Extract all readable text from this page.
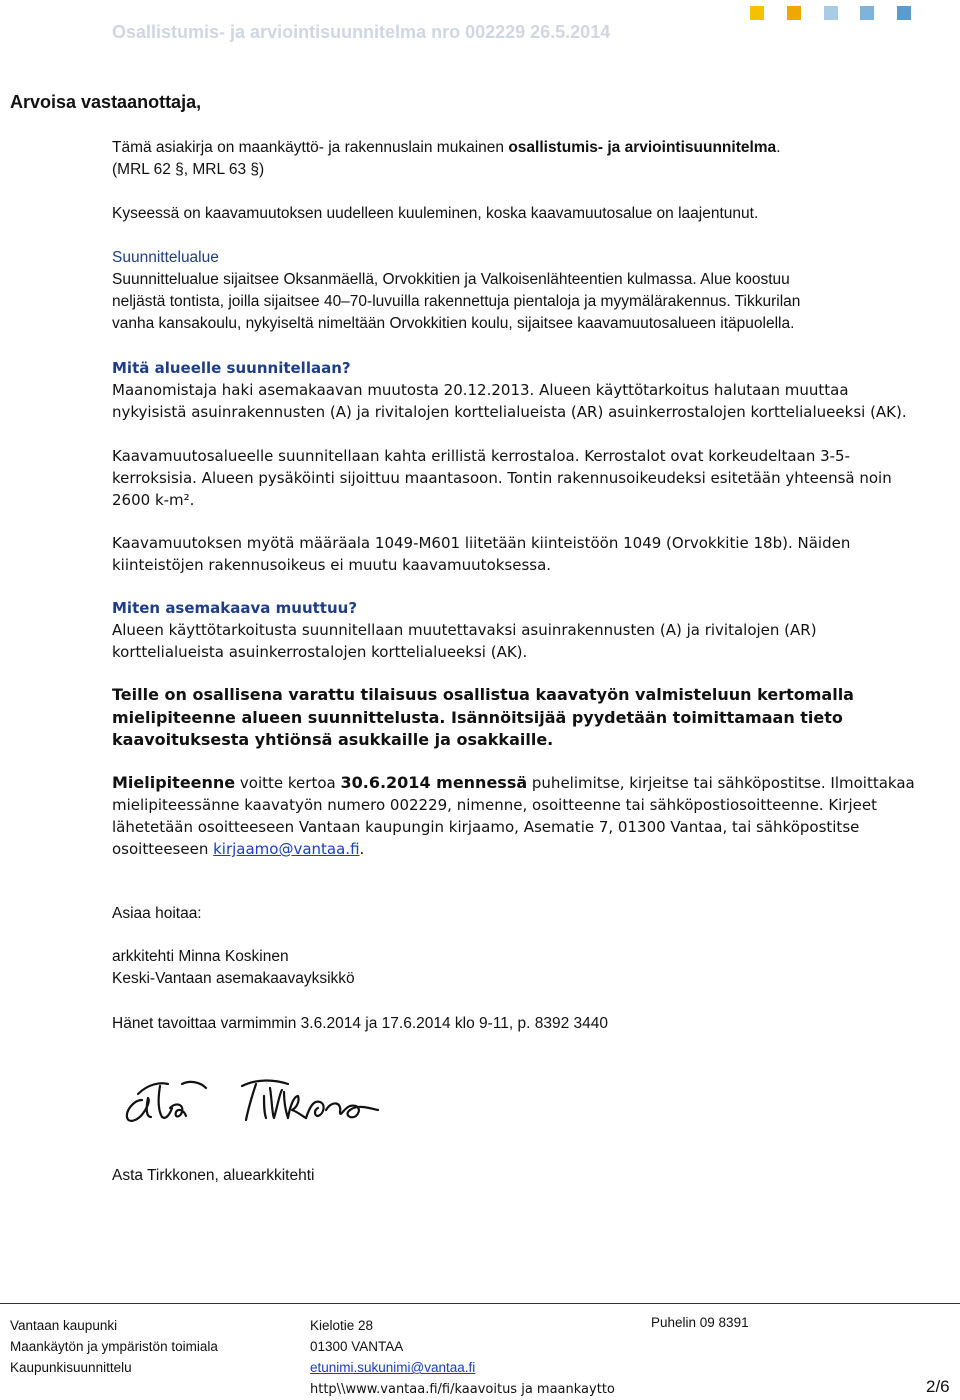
Osallistumis- ja arviointisuunnitelma nro 002229 26.5.2014
Arvoisa vastaanottaja,
Tämä asiakirja on maankäyttö- ja rakennuslain mukainen osallistumis- ja arviointisuunnitelma.
(MRL 62 §, MRL 63 §)
Kyseessä on kaavamuutoksen uudelleen kuuleminen, koska kaavamuutosalue on laajentunut.
Suunnittelualue
Suunnittelualue sijaitsee Oksanmäellä, Orvokkitien ja Valkoisenlähteentien kulmassa. Alue koostuu
neljästä tontista, joilla sijaitsee 40–70-luvuilla rakennettuja pientaloja ja myymälärakennus. Tikkurilan
vanha kansakoulu, nykyiseltä nimeltään Orvokkitien koulu, sijaitsee kaavamuutosalueen itäpuolella.
Mitä alueelle suunnitellaan?
Maanomistaja haki asemakaavan muutosta 20.12.2013. Alueen käyttötarkoitus halutaan muuttaa
nykyisistä asuinrakennusten (A) ja rivitalojen korttelialueista (AR) asuinkerrostalojen korttelialueeksi (AK).
Kaavamuutosalueelle suunnitellaan kahta erillistä kerrostaloa. Kerrostalot ovat korkeudeltaan 3-5-
kerroksisia. Alueen pysäköinti sijoittuu maantasoon. Tontin rakennusoikeudeksi esitetään yhteensä noin
2600 k-m².
Kaavamuutoksen myötä määräala 1049-M601 liitetään kiinteistöön 1049 (Orvokkitie 18b). Näiden
kiinteistöjen rakennusoikeus ei muutu kaavamuutoksessa.
Miten asemakaava muuttuu?
Alueen käyttötarkoitusta suunnitellaan muutettavaksi asuinrakennusten (A) ja rivitalojen (AR)
korttelialueista asuinkerrostalojen korttelialueeksi (AK).
Teille on osallisena varattu tilaisuus osallistua kaavatyön valmisteluun kertomalla
mielipiteenne alueen suunnittelusta. Isännöitsijää pyydetään toimittamaan tieto
kaavoituksesta yhtiönsä asukkaille ja osakkaille.
Mielipiteenne voitte kertoa 30.6.2014 mennessä puhelimitse, kirjeitse tai sähköpostitse. Ilmoittakaa
mielipiteessänne kaavatyön numero 002229, nimenne, osoitteenne tai sähköpostiosoitteenne. Kirjeet
lähetetään osoitteeseen Vantaan kaupungin kirjaamo, Asematie 7, 01300 Vantaa, tai sähköpostitse
osoitteeseen kirjaamo@vantaa.fi.
Asiaa hoitaa:
arkkitehti Minna Koskinen
Keski-Vantaan asemakaavayksikkö
Hänet tavoittaa varmimmin 3.6.2014 ja 17.6.2014 klo 9-11, p. 8392 3440
Asta Tirkkonen, aluearkkitehti
Vantaan kaupunki
Maankäytön ja ympäristön toimiala
Kaupunkisuunnittelu
Kielotie 28
01300 VANTAA
etunimi.sukunimi@vantaa.fi
http\\www.vantaa.fi/fi/kaavoitus ja maankaytto
Puhelin 09 8391
2/6
